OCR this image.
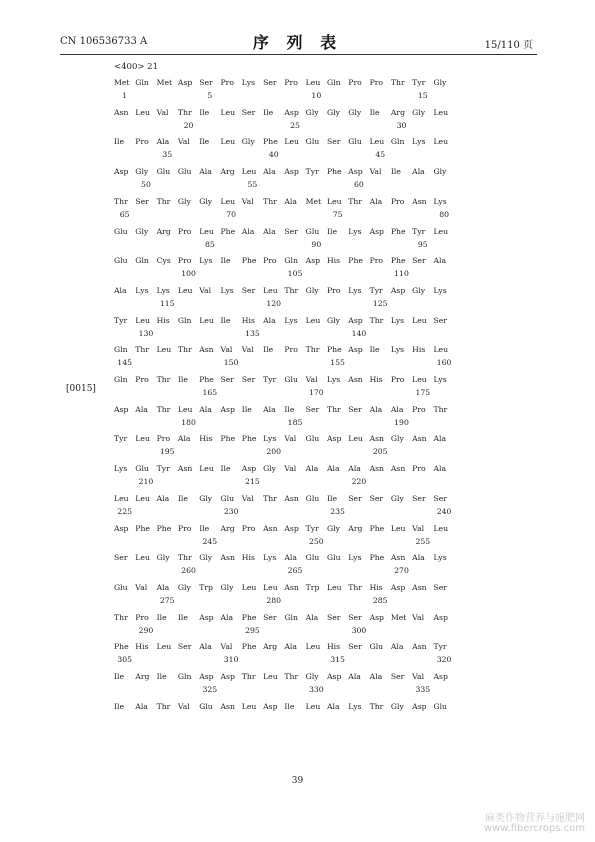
CN 106536733 A	序 列 表	15/110 页
<400> 21
[0015]
Met Gln Met Asp Ser Pro Lys Ser Pro Leu Gln Pro Pro Thr Tyr Gly
1	5	10	15
Asn Leu Val Thr Ile Leu Ser Ile Asp Gly Gly Gly Ile Arg Gly Leu
20	25	30
Ile Pro Ala Val Ile Leu Gly Phe Leu Glu Ser Glu Leu Gln Lys Leu
35	40	45
Asp Gly Glu Glu Ala Arg Leu Ala Asp Tyr Phe Asp Val Ile Ala Gly
50	55	60
Thr Ser Thr Gly Gly Leu Val Thr Ala Met Leu Thr Ala Pro Asn Lys
65	70	75	80
Glu Gly Arg Pro Leu Phe Ala Ala Ser Glu Ile Lys Asp Phe Tyr Leu
85	90	95
Glu Gln Cys Pro Lys Ile Phe Pro Gln Asp His Phe Pro Phe Ser Ala
100	105	110
Ala Lys Lys Leu Val Lys Ser Leu Thr Gly Pro Lys Tyr Asp Gly Lys
115	120	125
Tyr Leu His Gln Leu Ile His Ala Lys Leu Gly Asp Thr Lys Leu Ser
130	135	140
Gln Thr Leu Thr Asn Val Val Ile Pro Thr Phe Asp Ile Lys His Leu
145	150	155	160
Gln Pro Thr Ile Phe Ser Ser Tyr Glu Val Lys Asn His Pro Leu Lys
165	170	175
Asp Ala Thr Leu Ala Asp Ile Ala Ile Ser Thr Ser Ala Ala Pro Thr
180	185	190
Tyr Leu Pro Ala His Phe Phe Lys Val Glu Asp Leu Asn Gly Asn Ala
195	200	205
Lys Glu Tyr Asn Leu Ile Asp Gly Val Ala Ala Ala Asn Asn Pro Ala
210	215	220
Leu Leu Ala Ile Gly Glu Val Thr Asn Glu Ile Ser Ser Gly Ser Ser
225	230	235	240
Asp Phe Phe Pro Ile Arg Pro Asn Asp Tyr Gly Arg Phe Leu Val Leu
245	250	255
Ser Leu Gly Thr Gly Asn His Lys Ala Glu Glu Lys Phe Asn Ala Lys
260	265	270
Glu Val Ala Gly Trp Gly Leu Leu Asn Trp Leu Thr His Asp Asn Ser
275	280	285
Thr Pro Ile Ile Asp Ala Phe Ser Gln Ala Ser Ser Asp Met Val Asp
290	295	300
Phe His Leu Ser Ala Val Phe Arg Ala Leu His Ser Glu Ala Asn Tyr
305	310	315	320
Ile Arg Ile Gln Asp Asp Thr Leu Thr Gly Asp Ala Ala Ser Val Asp
325	330	335
Ile Ala Thr Val Glu Asn Leu Asp Ile Leu Ala Lys Thr Gly Asp Glu
39
麻类作物营养与施肥网
www.fibercrops.com
